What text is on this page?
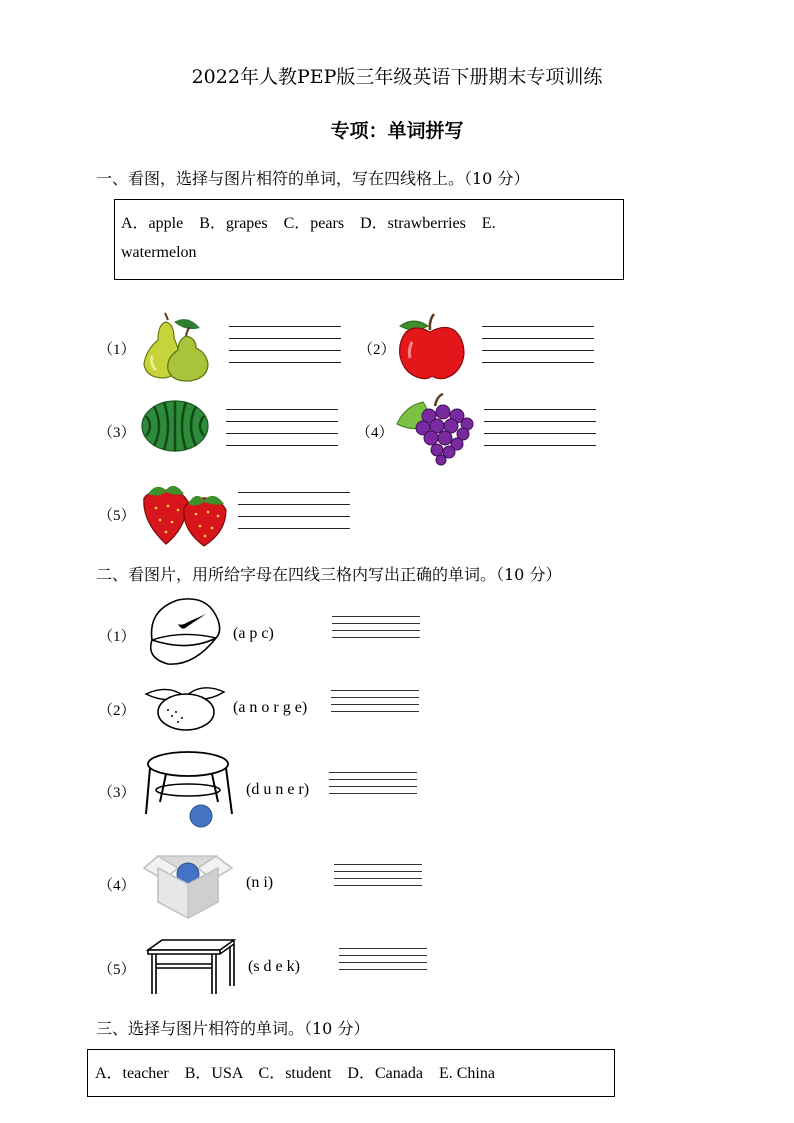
2022年人教PEP版三年级英语下册期末专项训练
专项：单词拼写
一、看图，选择与图片相符的单词，写在四线格上。（10 分）
A．apple    B．grapes    C．pears    D．strawberries    E.
watermelon
（1）	（2）
（3）	（4）
（5）
二、看图片，用所给字母在四线三格内写出正确的单词。（10 分）
（1）	(a p c)
（2）	(a n o r g e)
（3）	(d u n e r)
（4）	(n i)
（5）	(s d e k)
三、选择与图片相符的单词。（10 分）
A．teacher    B．USA    C．student    D．Canada    E. China
